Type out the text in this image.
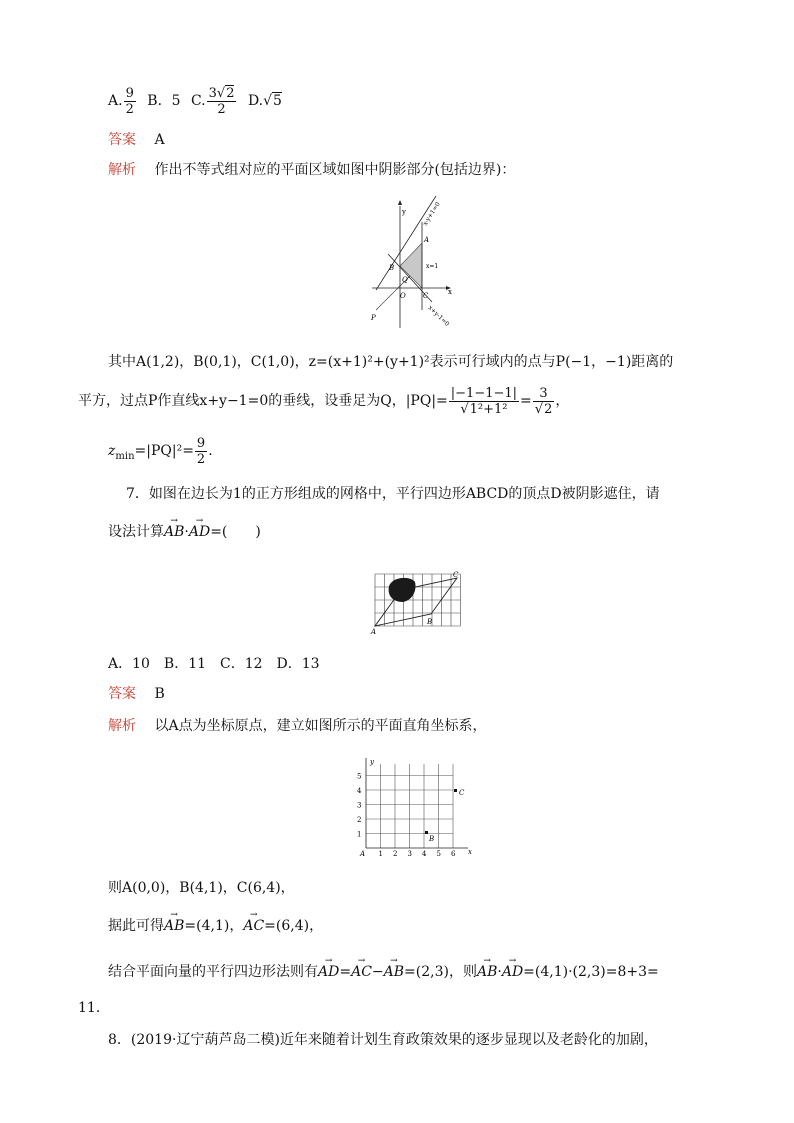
A. $\frac{9}{2}$ B．5 C. $\frac{3√2}{2} D.√5$
答案 A
解析 作出不等式组对应的平面区域如图中阴影部分(包括边界)：
y
x
x-y+1=0
x=1
x+y-1=0
A
B
C
Q
O
P
其中A(1,2)，B(0,1)，C(1,0)，z=(x+1)²+(y+1)²表示可行域内的点与P(−1，−1)距离的
平方，过点P作直线x+y−1=0的垂线，设垂足为Q，$|PQ|= \frac{|-1-1-1|}{\text{√1²+1²}} = \frac{3}{√2}$ ，
$z_{min}=|PQ|^2= \frac{9}{2}$ .
7．如图在边长为1的正方形组成的网格中，平行四边形ABCD的顶点D被阴影遮住，请
设法计算→ AB·→ AD=(　　)
A
B
C
A．10　B．11　C．12　D．13
答案 B
解析 以A点为坐标原点，建立如图所示的平面直角坐标系，
1 2 3 4 5 6
1
2
3
4
5
y
x
A
B
C
则A(0,0)，B(4,1)，C(6,4)，
据此可得→ AB=(4,1)，→ AC=(6,4)，
结合平面向量的平行四边形法则有→ AD=→ AC−→ AB=(2,3)，则→ AB·→ AD=(4,1)·(2,3)=8+3=
11.
8．(2019·辽宁葫芦岛二模)近年来随着计划生育政策效果的逐步显现以及老龄化的加剧，
